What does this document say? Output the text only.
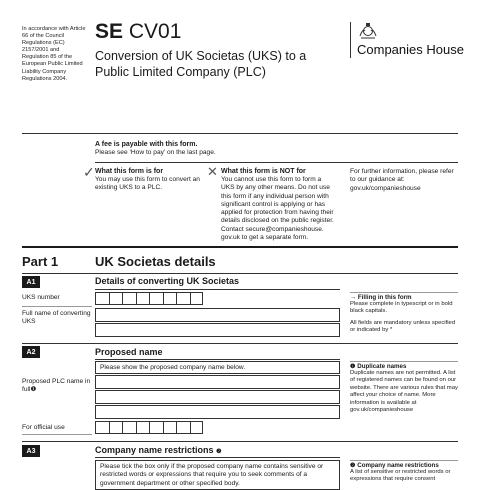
In accordance with Article 66 of the Council Regulations (EC) 2157/2001 and Regulation 85 of the European Public Limited Liability Company Regulations 2004.
SE CV01
Conversion of UK Societas (UKS) to a Public Limited Company (PLC)
Companies House
A fee is payable with this form.
Please see ‘How to pay’ on the last page.
✓ What this form is for
You may use this form to convert an existing UKS to a PLC.
✕ What this form is NOT for
You cannot use this form to form a UKS by any other means. Do not use this form if any individual person with significant control is applying or has applied for protection from having their details disclosed on the public register. Contact secure@companieshouse. gov.uk to get a separate form.
For further information, please refer to our guidance at: gov.uk/companieshouse
Part 1	UK Societas details
A1	Details of converting UK Societas
UKS number
Full name of converting UKS
→ Filling in this form
Please complete in typescript or in bold black capitals.
All fields are mandatory unless specified or indicated by *
A2	Proposed name
Please show the proposed company name below.
Proposed PLC name in full❶
For official use
❶ Duplicate names
Duplicate names are not permitted. A list of registered names can be found on our website. There are various rules that may affect your choice of name. More information is available at gov.uk/companieshouse
A3	Company name restrictions ❷
Please tick the box only if the proposed company name contains sensitive or restricted words or expressions that require you to seek comments of a government department or other specified body.
❷ Company name restrictions
A list of sensitive or restricted words or expressions that require consent
